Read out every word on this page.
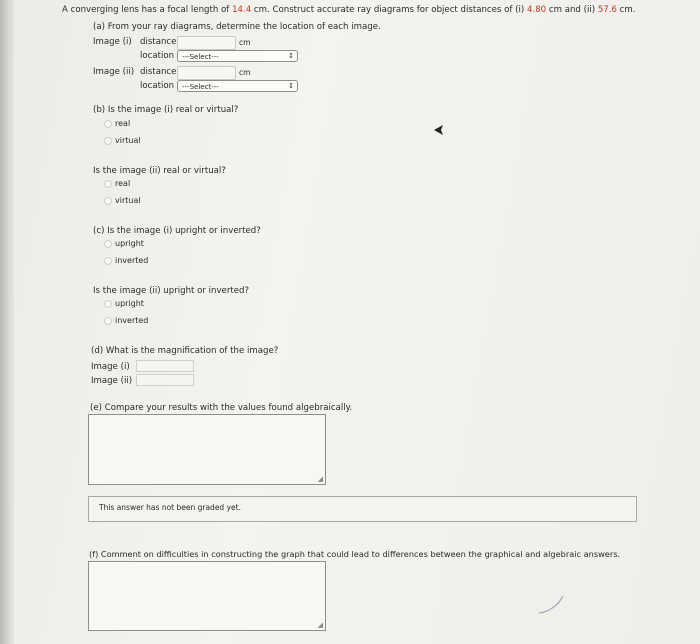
A converging lens has a focal length of 14.4 cm. Construct accurate ray diagrams for object distances of (i) 4.80 cm and (ii) 57.6 cm.
(a) From your ray diagrams, determine the location of each image.
Image (i) distance	cm
location	---Select---	↕
Image (ii) distance	cm
location	---Select---	↕
(b) Is the image (i) real or virtual?
real
virtual
Is the image (ii) real or virtual?
real
virtual
(c) Is the image (i) upright or inverted?
upright
inverted
Is the image (ii) upright or inverted?
upright
inverted
(d) What is the magnification of the image?
Image (i)
Image (ii)
(e) Compare your results with the values found algebraically.
◢
This answer has not been graded yet.
(f) Comment on difficulties in constructing the graph that could lead to differences between the graphical and algebraic answers.
◢
